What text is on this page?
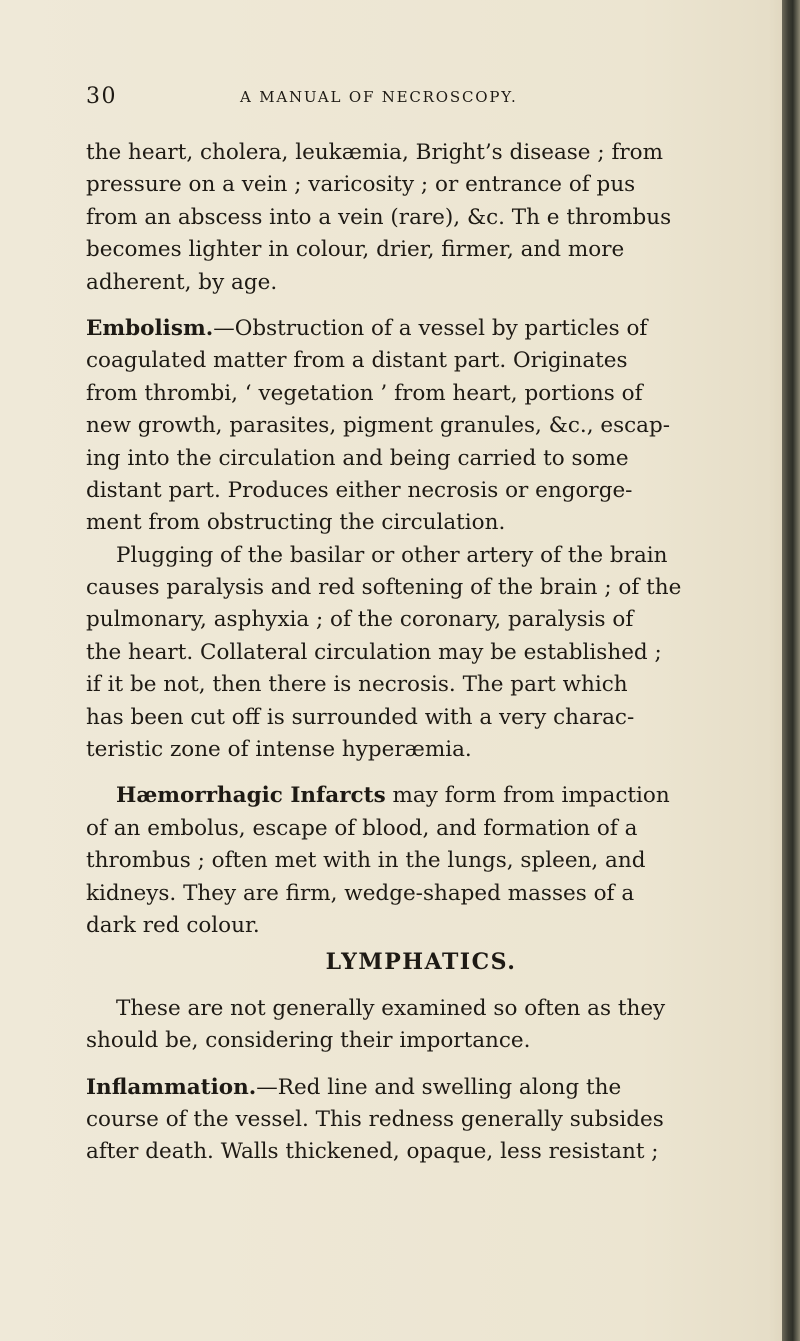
30	A MANUAL OF NECROSCOPY.
the heart, cholera, leukæmia, Bright’s disease ; from
pressure on a vein ; varicosity ; or entrance of pus
from an abscess into a vein (rare), &c. Th e thrombus
becomes lighter in colour, drier, firmer, and more
adherent, by age.
Embolism.—Obstruction of a vessel by particles of
coagulated matter from a distant part. Originates
from thrombi, ‘ vegetation ’ from heart, portions of
new growth, parasites, pigment granules, &c., escap-
ing into the circulation and being carried to some
distant part. Produces either necrosis or engorge-
ment from obstructing the circulation.
Plugging of the basilar or other artery of the brain
causes paralysis and red softening of the brain ; of the
pulmonary, asphyxia ; of the coronary, paralysis of
the heart. Collateral circulation may be established ;
if it be not, then there is necrosis. The part which
has been cut off is surrounded with a very charac-
teristic zone of intense hyperæmia.
Hæmorrhagic Infarcts may form from impaction
of an embolus, escape of blood, and formation of a
thrombus ; often met with in the lungs, spleen, and
kidneys. They are firm, wedge-shaped masses of a
dark red colour.
LYMPHATICS.
These are not generally examined so often as they
should be, considering their importance.
Inflammation.—Red line and swelling along the
course of the vessel. This redness generally subsides
after death. Walls thickened, opaque, less resistant ;
